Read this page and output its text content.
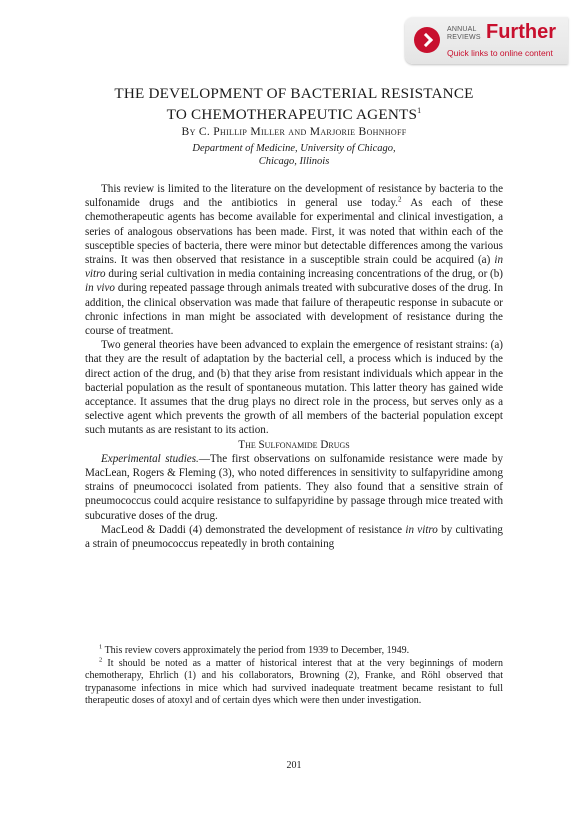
ANNUAL
REVIEWS Further
Quick links to online content
THE DEVELOPMENT OF BACTERIAL RESISTANCE
TO CHEMOTHERAPEUTIC AGENTS$^1$
By C. Phillip Miller and Marjorie Bohnhoff
Department of Medicine, University of Chicago,
Chicago, Illinois

This review is limited to the literature on the development of resistance by bacteria to the sulfonamide drugs and the antibiotics in general use today.$^2$ As each of these chemotherapeutic agents has become available for experimental and clinical investigation, a series of analogous observations has been made. First, it was noted that within each of the susceptible species of bacteria, there were minor but detectable differences among the various strains. It was then observed that resistance in a susceptible strain could be acquired (a) in vitro during serial cultivation in media containing increasing concentrations of the drug, or (b) in vivo during repeated passage through animals treated with subcurative doses of the drug. In addition, the clinical observation was made that failure of therapeutic response in subacute or chronic infections in man might be associated with development of resistance during the course of treatment.

Two general theories have been advanced to explain the emergence of resistant strains: (a) that they are the result of adaptation by the bacterial cell, a process which is induced by the direct action of the drug, and (b) that they arise from resistant individuals which appear in the bacterial population as the result of spontaneous mutation. This latter theory has gained wide acceptance. It assumes that the drug plays no direct role in the process, but serves only as a selective agent which prevents the growth of all members of the bacterial population except such mutants as are resistant to its action.

The Sulfonamide Drugs

Experimental studies.—The first observations on sulfonamide resistance were made by MacLean, Rogers & Fleming (3), who noted differences in sensitivity to sulfapyridine among strains of pneumococci isolated from patients. They also found that a sensitive strain of pneumococcus could acquire resistance to sulfapyridine by passage through mice treated with subcurative doses of the drug.

MacLeod & Daddi (4) demonstrated the development of resistance in vitro by cultivating a strain of pneumococcus repeatedly in broth containing

$^1$ This review covers approximately the period from 1939 to December, 1949.

$^2$ It should be noted as a matter of historical interest that at the very beginnings of modern chemotherapy, Ehrlich (1) and his collaborators, Browning (2), Franke, and Röhl observed that trypanasome infections in mice which had survived inadequate treatment became resistant to full therapeutic doses of atoxyl and of certain dyes which were then under investigation.

201
